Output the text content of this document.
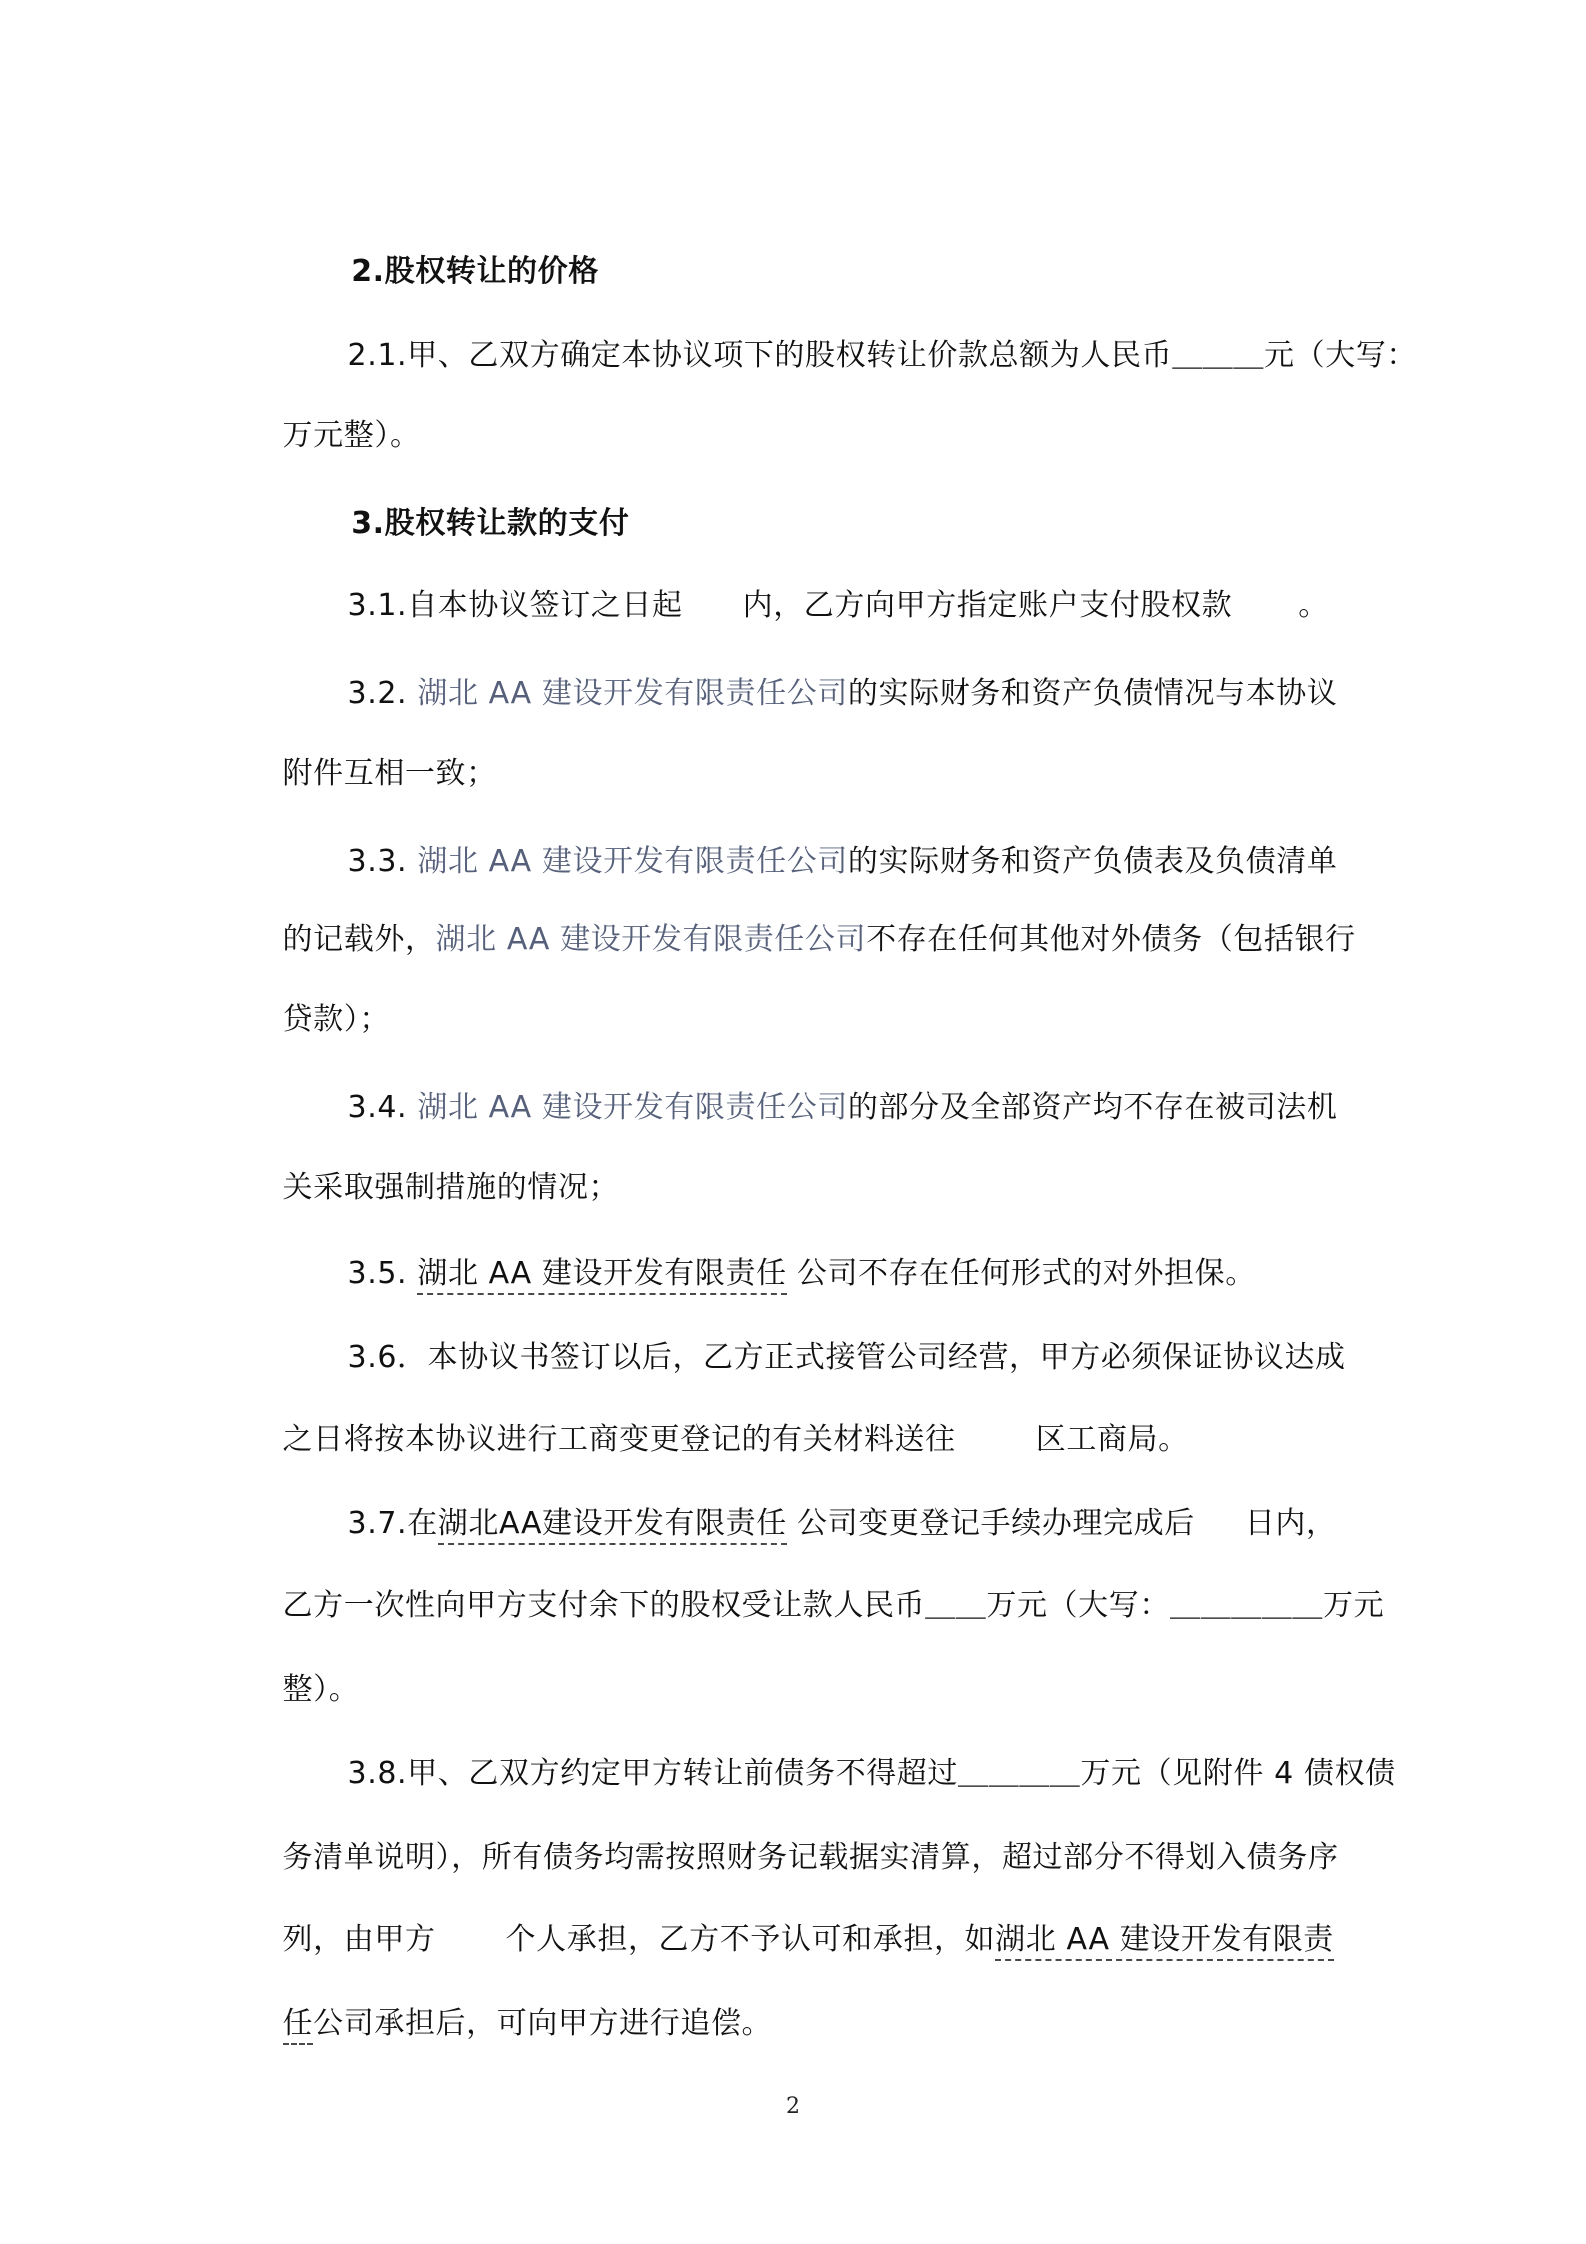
2.股权转让的价格

2.1.甲、乙双方确定本协议项下的股权转让价款总额为人民币＿＿＿元（大写：

万元整）。

3.股权转让款的支付

3.1.自本协议签订之日起 内，乙方向甲方指定账户支付股权款 。

3.2. 湖北 AA 建设开发有限责任公司的实际财务和资产负债情况与本协议

附件互相一致；

3.3. 湖北 AA 建设开发有限责任公司的实际财务和资产负债表及负债清单

的记载外，湖北 AA 建设开发有限责任公司不存在任何其他对外债务（包括银行

贷款）；

3.4. 湖北 AA 建设开发有限责任公司的部分及全部资产均不存在被司法机

关采取强制措施的情况；

3.5. 湖北 AA 建设开发有限责任 公司不存在任何形式的对外担保。

3.6．本协议书签订以后，乙方正式接管公司经营，甲方必须保证协议达成

之日将按本协议进行工商变更登记的有关材料送往	区工商局。

3.7.在湖北AA建设开发有限责任 公司变更登记手续办理完成后 日内，

乙方一次性向甲方支付余下的股权受让款人民币＿＿万元（大写：＿＿＿＿＿万元

整）。

3.8.甲、乙双方约定甲方转让前债务不得超过＿＿＿＿万元（见附件 4 债权债

务清单说明），所有债务均需按照财务记载据实清算，超过部分不得划入债务序

列，由甲方 个人承担，乙方不予认可和承担，如湖北 AA 建设开发有限责

任公司承担后，可向甲方进行追偿。

2
